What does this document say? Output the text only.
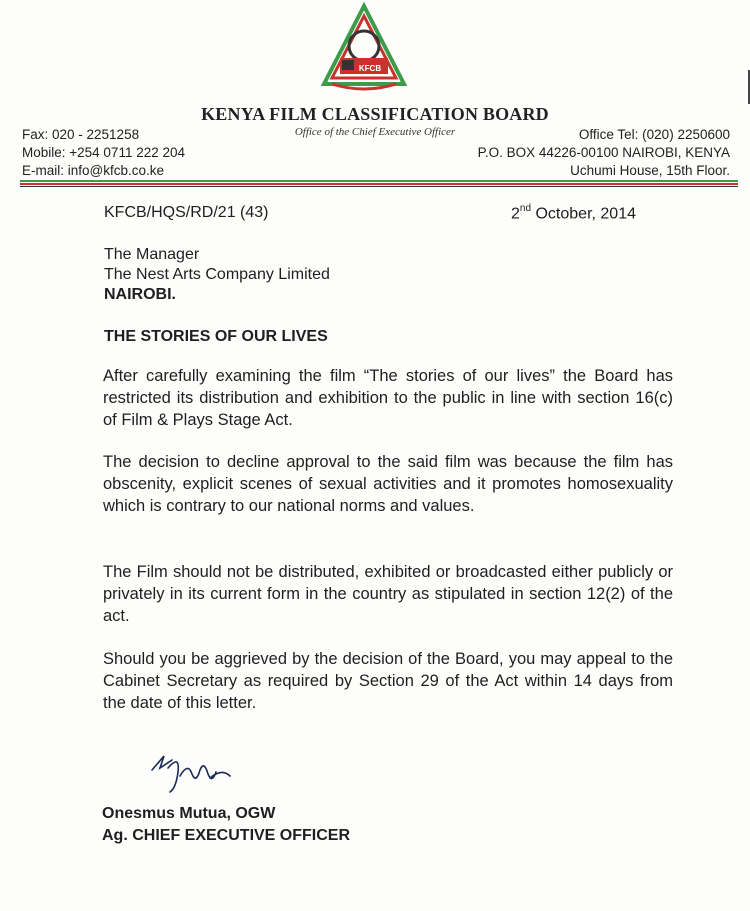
KFCB
KENYA FILM CLASSIFICATION BOARD
Office of the Chief Executive Officer
Fax: 020 - 2251258
Mobile: +254 0711 222 204
E-mail: info@kfcb.co.ke
Office Tel: (020) 2250600
P.O. BOX 44226-00100 NAIROBI, KENYA
Uchumi House, 15th Floor.
KFCB/HQS/RD/21 (43)	2nd October, 2014
The Manager
The Nest Arts Company Limited
NAIROBI.
THE STORIES OF OUR LIVES
After carefully examining the film “The stories of our lives” the Board has restricted its distribution and exhibition to the public in line with section 16(c) of Film & Plays Stage Act.
The decision to decline approval to the said film was because the film has obscenity, explicit scenes of sexual activities and it promotes homosexuality which is contrary to our national norms and values.
The Film should not be distributed, exhibited or broadcasted either publicly or privately in its current form in the country as stipulated in section 12(2) of the act.
Should you be aggrieved by the decision of the Board, you may appeal to the Cabinet Secretary as required by Section 29 of the Act within 14 days from the date of this letter.
Onesmus Mutua, OGW
Ag. CHIEF EXECUTIVE OFFICER
